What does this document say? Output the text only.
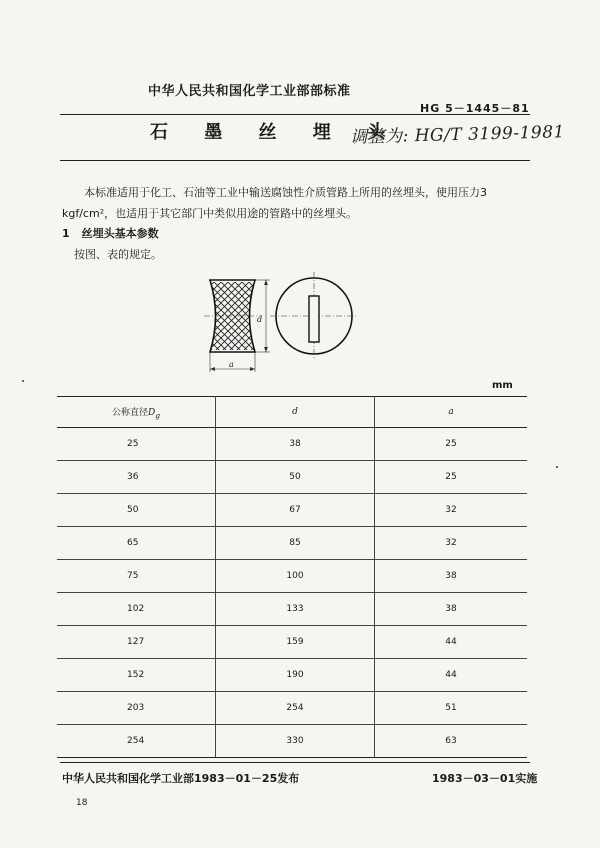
中华人民共和国化学工业部部标准
HG 5－1445－81
石 墨 丝 埋 头
调整为: HG/T 3199-1981
本标准适用于化工、石油等工业中输送腐蚀性介质管路上所用的丝埋头，使用压力3 kgf/cm²，也适用于其它部门中类似用途的管路中的丝埋头。
1 丝埋头基本参数
按图、表的规定。
d
a
mm
公称直径$D_g$	d	a
25	38	25
36	50	25
50	67	32
65	85	32
75	100	38
102	133	38
127	159	44
152	190	44
203	254	51
254	330	63
中华人民共和国化学工业部1983－01－25发布	1983－03－01实施
18
